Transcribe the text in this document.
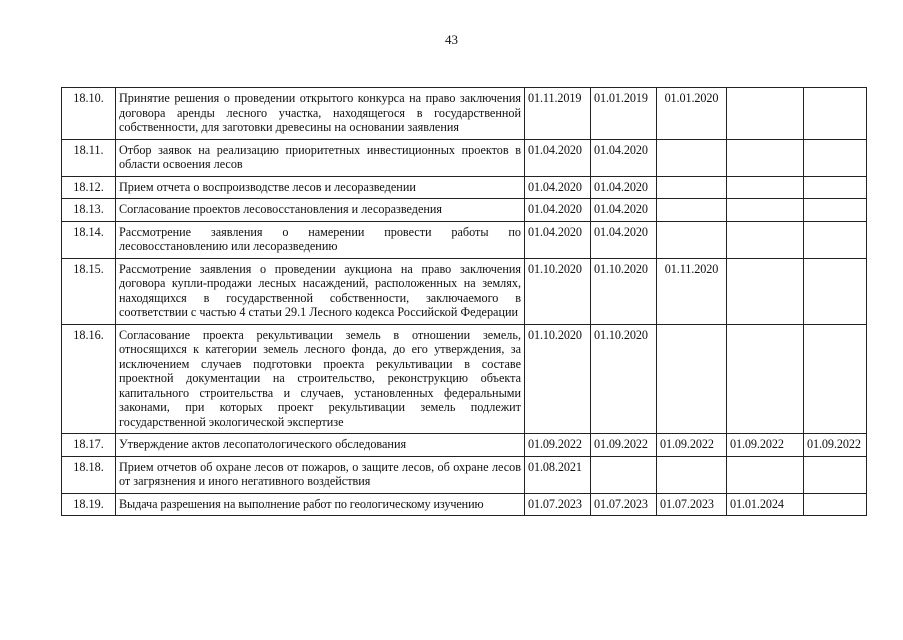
43
18.10.	Принятие решения о проведении открытого конкурса на право заключения договора аренды лесного участка, находящегося в государственной собственности, для заготовки древесины на основании заявления	01.11.2019	01.01.2019	01.01.2020		
18.11.	Отбор заявок на реализацию приоритетных инвестиционных проектов в области освоения лесов	01.04.2020	01.04.2020			
18.12.	Прием отчета о воспроизводстве лесов и лесоразведении	01.04.2020	01.04.2020			
18.13.	Согласование проектов лесовосстановления и лесоразведения	01.04.2020	01.04.2020			
18.14.	Рассмотрение заявления о намерении провести работы по лесовосстановлению или лесоразведению	01.04.2020	01.04.2020			
18.15.	Рассмотрение заявления о проведении аукциона на право заключения договора купли-продажи лесных насаждений, расположенных на землях, находящихся в государственной собственности, заключаемого в соответствии с частью 4 статьи 29.1 Лесного кодекса Российской Федерации	01.10.2020	01.10.2020	01.11.2020		
18.16.	Согласование проекта рекультивации земель в отношении земель, относящихся к категории земель лесного фонда, до его утверждения, за исключением случаев подготовки проекта рекультивации в составе проектной документации на строительство, реконструкцию объекта капитального строительства и случаев, установленных федеральными законами, при которых проект рекультивации земель подлежит государственной экологической экспертизе	01.10.2020	01.10.2020			
18.17.	Утверждение актов лесопатологического обследования	01.09.2022	01.09.2022	01.09.2022	01.09.2022	01.09.2022
18.18.	Прием отчетов об охране лесов от пожаров, о защите лесов, об охране лесов от загрязнения и иного негативного воздействия	01.08.2021				
18.19.	Выдача разрешения на выполнение работ по геологическому изучению	01.07.2023	01.07.2023	01.07.2023	01.01.2024	
